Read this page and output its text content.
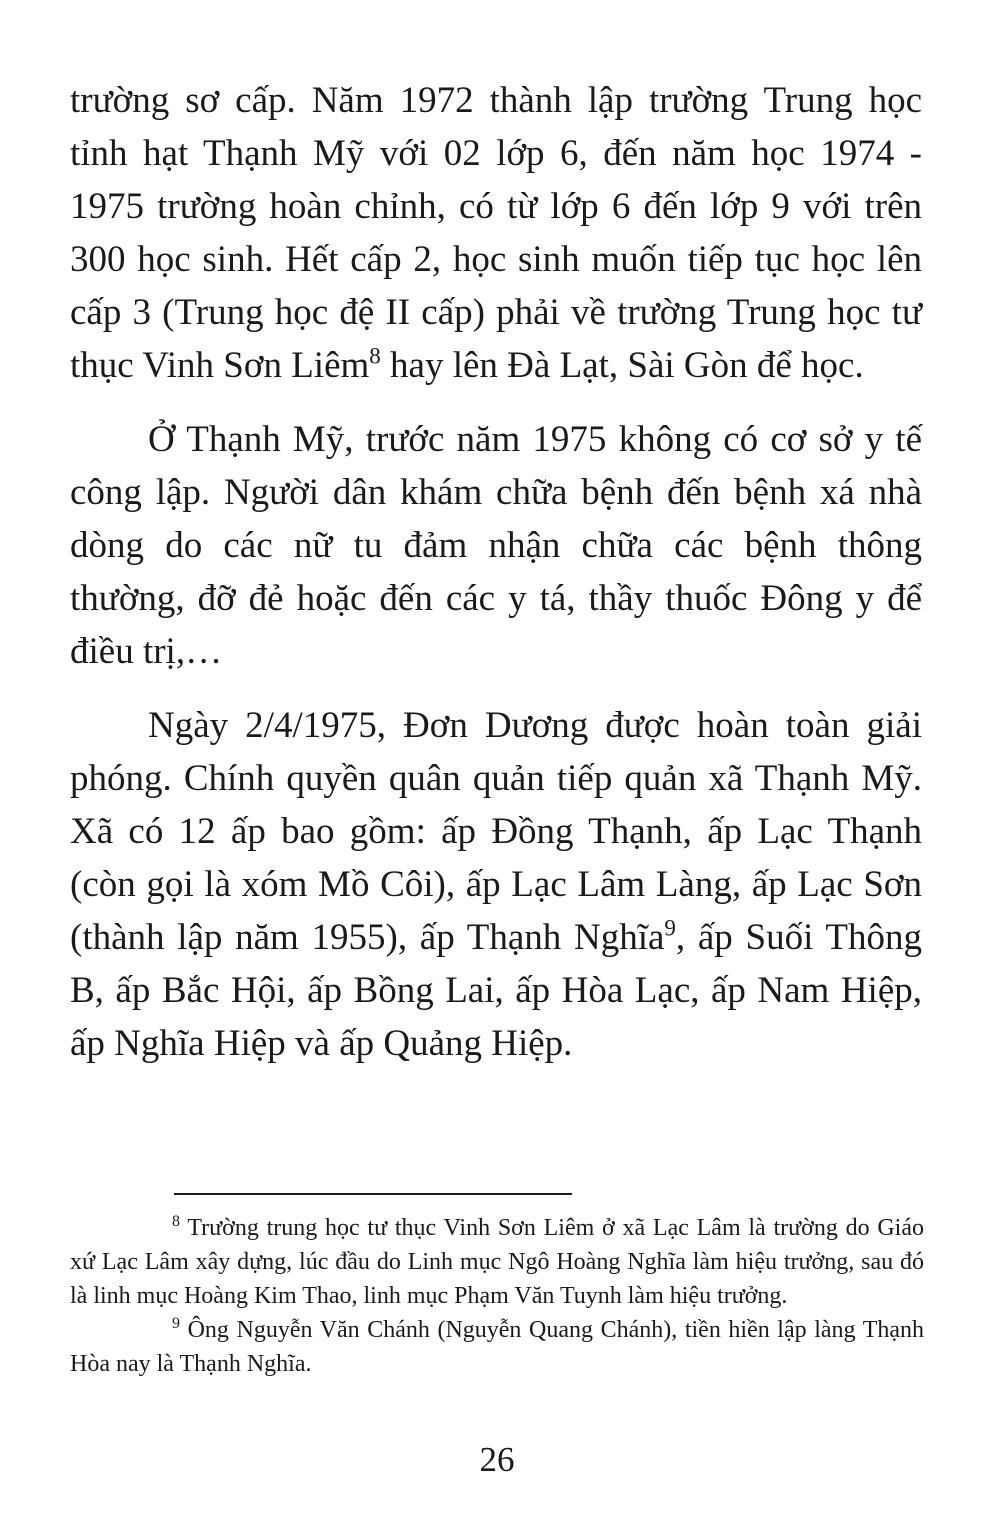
trường sơ cấp. Năm 1972 thành lập trường Trung học tỉnh hạt Thạnh Mỹ với 02 lớp 6, đến năm học 1974 - 1975 trường hoàn chỉnh, có từ lớp 6 đến lớp 9 với trên 300 học sinh. Hết cấp 2, học sinh muốn tiếp tục học lên cấp 3 (Trung học đệ II cấp) phải về trường Trung học tư thục Vinh Sơn Liêm$^8$ hay lên Đà Lạt, Sài Gòn để học.

Ở Thạnh Mỹ, trước năm 1975 không có cơ sở y tế công lập. Người dân khám chữa bệnh đến bệnh xá nhà dòng do các nữ tu đảm nhận chữa các bệnh thông thường, đỡ đẻ hoặc đến các y tá, thầy thuốc Đông y để điều trị,…

Ngày 2/4/1975, Đơn Dương được hoàn toàn giải phóng. Chính quyền quân quản tiếp quản xã Thạnh Mỹ. Xã có 12 ấp bao gồm: ấp Đồng Thạnh, ấp Lạc Thạnh (còn gọi là xóm Mồ Côi), ấp Lạc Lâm Làng, ấp Lạc Sơn (thành lập năm 1955), ấp Thạnh Nghĩa$^9$, ấp Suối Thông B, ấp Bắc Hội, ấp Bồng Lai, ấp Hòa Lạc, ấp Nam Hiệp, ấp Nghĩa Hiệp và ấp Quảng Hiệp.

$^8$ Trường trung học tư thục Vinh Sơn Liêm ở xã Lạc Lâm là trường do Giáo xứ Lạc Lâm xây dựng, lúc đầu do Linh mục Ngô Hoàng Nghĩa làm hiệu trưởng, sau đó là linh mục Hoàng Kim Thao, linh mục Phạm Văn Tuynh làm hiệu trưởng.

$^9$ Ông Nguyễn Văn Chánh (Nguyễn Quang Chánh), tiền hiền lập làng Thạnh Hòa nay là Thạnh Nghĩa.

26
